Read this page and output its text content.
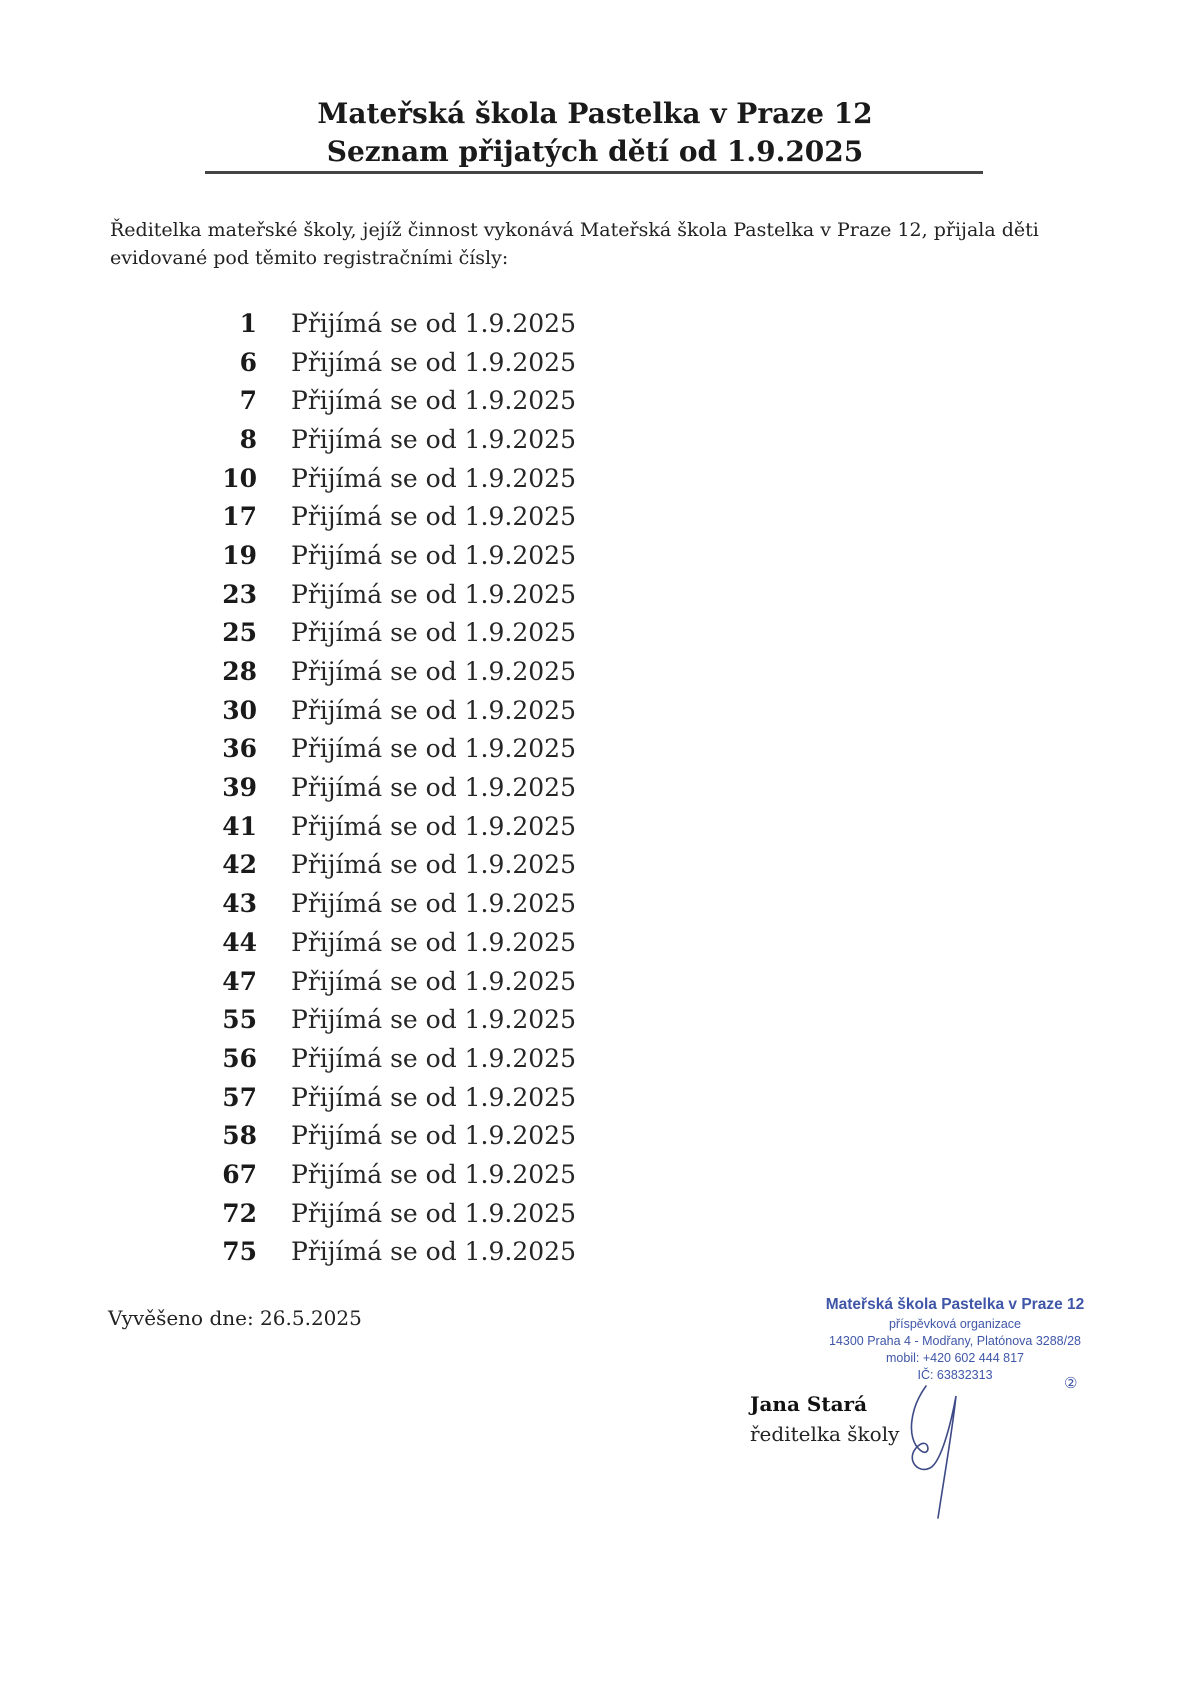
Mateřská škola Pastelka v Praze 12
Seznam přijatých dětí od 1.9.2025
Ředitelka mateřské školy, jejíž činnost vykonává Mateřská škola Pastelka v Praze 12, přijala děti evidované pod těmito registračními čísly:
1 Přijímá se od 1.9.2025
6 Přijímá se od 1.9.2025
7 Přijímá se od 1.9.2025
8 Přijímá se od 1.9.2025
10 Přijímá se od 1.9.2025
17 Přijímá se od 1.9.2025
19 Přijímá se od 1.9.2025
23 Přijímá se od 1.9.2025
25 Přijímá se od 1.9.2025
28 Přijímá se od 1.9.2025
30 Přijímá se od 1.9.2025
36 Přijímá se od 1.9.2025
39 Přijímá se od 1.9.2025
41 Přijímá se od 1.9.2025
42 Přijímá se od 1.9.2025
43 Přijímá se od 1.9.2025
44 Přijímá se od 1.9.2025
47 Přijímá se od 1.9.2025
55 Přijímá se od 1.9.2025
56 Přijímá se od 1.9.2025
57 Přijímá se od 1.9.2025
58 Přijímá se od 1.9.2025
67 Přijímá se od 1.9.2025
72 Přijímá se od 1.9.2025
75 Přijímá se od 1.9.2025
Vyvěšeno dne: 26.5.2025
Mateřská škola Pastelka v Praze 12
příspěvková organizace
14300 Praha 4 - Modřany, Platónova 3288/28
mobil: +420 602 444 817
IČ: 63832313	②
Jana Stará
ředitelka školy
